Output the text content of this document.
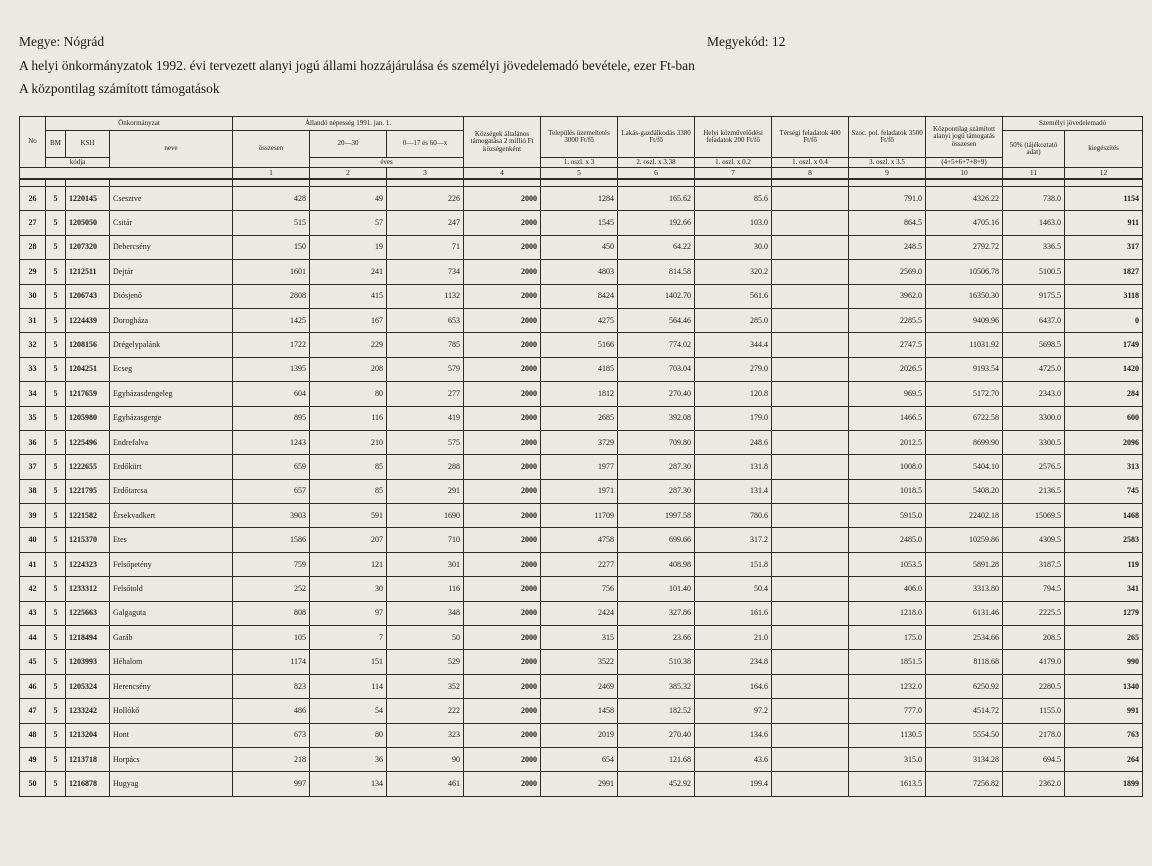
Megye: Nógrád	Megyekód: 12
A helyi önkormányzatok 1992. évi tervezett alanyi jogú állami hozzájárulása és személyi jövedelemadó bevétele, ezer Ft-ban
A központilag számított támogatások
No	Önkormányzat			Állandó népesség 1991. jan. 1.			Községek általános támogatása 2 millió Ft községenként	Település üzemeltetés 3000 Ft/fő	Lakás-gazdálkodás 3380 Ft/fő	Helyi közművelődési feladatok 200 Ft/fő	Térségi feladatok 400 Ft/fő	Szoc. pol. feladatok 3500 Ft/fő	Központilag számított alanyi jogú támogatás összesen	Személyi jövedelemadó	
	BM	KSH	neve	összesen	20—30	0—17 és 60—x								50% (tájékoztató adat)	kiegészítés
	kódja				éves			1. oszl. x 3	2. oszl. x 3.38	1. oszl. x 0.2	1. oszl. x 0.4	3. oszl. x 3.5	(4+5+6+7+8+9)		
				1	2	3	4	5	6	7	8	9	10	11	12

26	5	1220145	Csesztve	428	49	226	2000	1284	165.62	85.6		791.0	4326.22	738.0	1154
27	5	1205050	Csitár	515	57	247	2000	1545	192.66	103.0		864.5	4705.16	1463.0	911
28	5	1207320	Debercsény	150	19	71	2000	450	64.22	30.0		248.5	2792.72	336.5	317
29	5	1212511	Dejtár	1601	241	734	2000	4803	814.58	320.2		2569.0	10506.78	5100.5	1827
30	5	1206743	Diósjenő	2808	415	1132	2000	8424	1402.70	561.6		3962.0	16350.30	9175.5	3118
31	5	1224439	Dorogháza	1425	167	653	2000	4275	564.46	285.0		2285.5	9409.96	6437.0	0
32	5	1208156	Drégelypalánk	1722	229	785	2000	5166	774.02	344.4		2747.5	11031.92	5698.5	1749
33	5	1204251	Ecseg	1395	208	579	2000	4185	703.04	279.0		2026.5	9193.54	4725.0	1420
34	5	1217659	Egyházasdengeleg	604	80	277	2000	1812	270.40	120.8		969.5	5172.70	2343.0	284
35	5	1205980	Egyházasgerge	895	116	419	2000	2685	392.08	179.0		1466.5	6722.58	3300.0	600
36	5	1225496	Endrefalva	1243	210	575	2000	3729	709.80	248.6		2012.5	8699.90	3300.5	2096
37	5	1222655	Erdőkürt	659	85	288	2000	1977	287.30	131.8		1008.0	5404.10	2576.5	313
38	5	1221795	Erdőtarcsa	657	85	291	2000	1971	287.30	131.4		1018.5	5408.20	2136.5	745
39	5	1221582	Érsekvadkert	3903	591	1690	2000	11709	1997.58	780.6		5915.0	22402.18	15069.5	1468
40	5	1215370	Etes	1586	207	710	2000	4758	699.66	317.2		2485.0	10259.86	4309.5	2583
41	5	1224323	Felsőpetény	759	121	301	2000	2277	408.98	151.8		1053.5	5891.28	3187.5	119
42	5	1233312	Felsőtold	252	30	116	2000	756	101.40	50.4		406.0	3313.80	794.5	341
43	5	1225663	Galgaguta	808	97	348	2000	2424	327.86	161.6		1218.0	6131.46	2225.5	1279
44	5	1218494	Garáb	105	7	50	2000	315	23.66	21.0		175.0	2534.66	208.5	265
45	5	1203993	Héhalom	1174	151	529	2000	3522	510.38	234.8		1851.5	8118.68	4179.0	990
46	5	1205324	Herencsény	823	114	352	2000	2469	385.32	164.6		1232.0	6250.92	2280.5	1340
47	5	1233242	Hollókő	486	54	222	2000	1458	182.52	97.2		777.0	4514.72	1155.0	991
48	5	1213204	Hont	673	80	323	2000	2019	270.40	134.6		1130.5	5554.50	2178.0	763
49	5	1213718	Horpács	218	36	90	2000	654	121.68	43.6		315.0	3134.28	694.5	264
50	5	1216878	Hugyag	997	134	461	2000	2991	452.92	199.4		1613.5	7256.82	2362.0	1899
